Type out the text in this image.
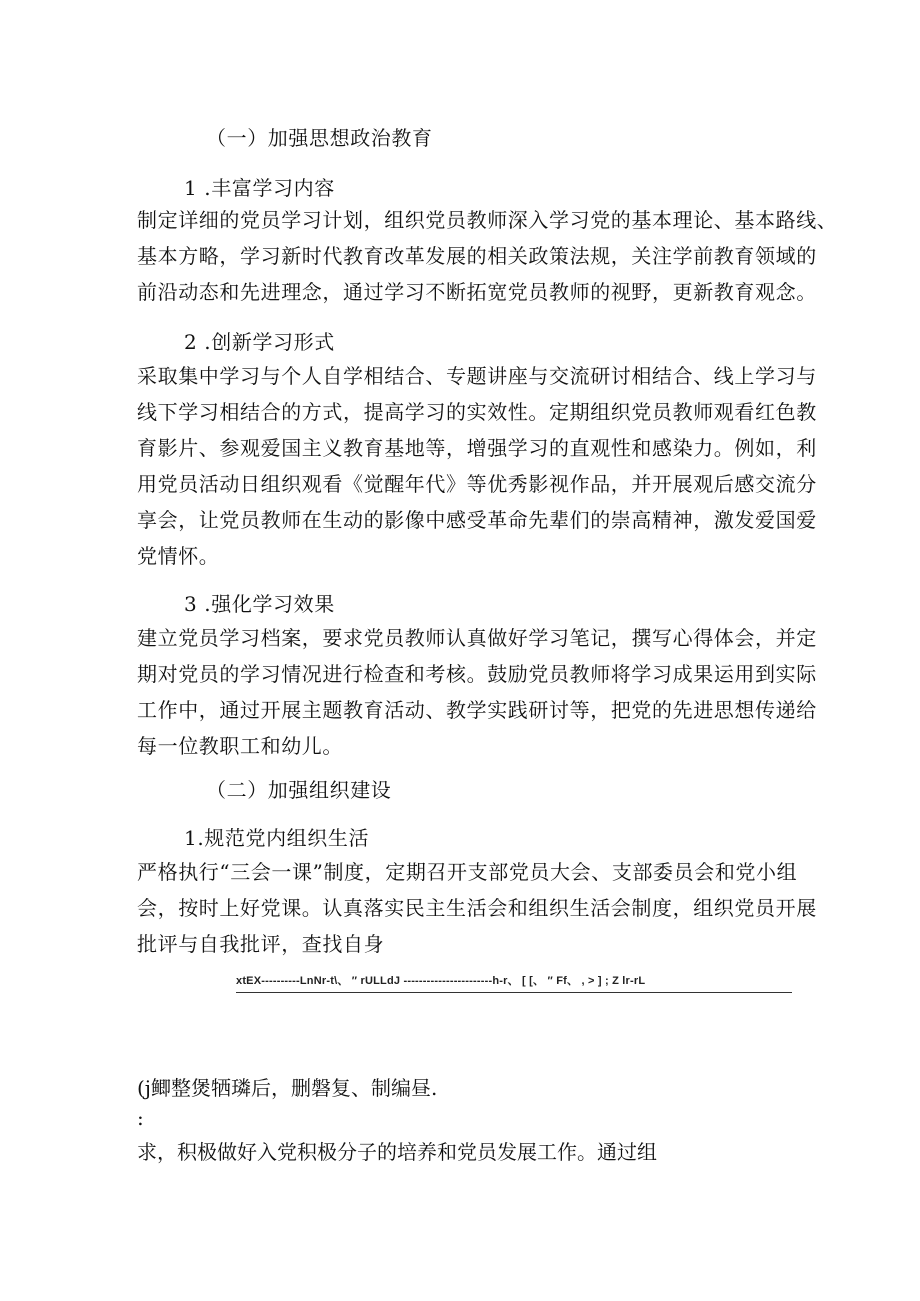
（一）加强思想政治教育
1 .丰富学习内容
制定详细的党员学习计划，组织党员教师深入学习党的基本理论、基本路线、
基本方略，学习新时代教育改革发展的相关政策法规，关注学前教育领域的
前沿动态和先进理念，通过学习不断拓宽党员教师的视野，更新教育观念。
2 .创新学习形式
采取集中学习与个人自学相结合、专题讲座与交流研讨相结合、线上学习与
线下学习相结合的方式，提高学习的实效性。定期组织党员教师观看红色教
育影片、参观爱国主义教育基地等，增强学习的直观性和感染力。例如，利
用党员活动日组织观看《觉醒年代》等优秀影视作品，并开展观后感交流分
享会，让党员教师在生动的影像中感受革命先辈们的崇高精神，激发爱国爱
党情怀。
3 .强化学习效果
建立党员学习档案，要求党员教师认真做好学习笔记，撰写心得体会，并定
期对党员的学习情况进行检查和考核。鼓励党员教师将学习成果运用到实际
工作中，通过开展主题教育活动、教学实践研讨等，把党的先进思想传递给
每一位教职工和幼儿。
（二）加强组织建设
1.规范党内组织生活
严格执行“三会一课”制度，定期召开支部党员大会、支部委员会和党小组
会，按时上好党课。认真落实民主生活会和组织生活会制度，组织党员开展
批评与自我批评，查找自身
xtEX----------LnNr-t\、 ″ rULLdJ -----------------------h-r、 [ [、 ″ Ff、 , > ] ; Z lr-rL
(j鲫整煲牺璘后，删磐复、制编昼.
:
求，积极做好入党积极分子的培养和党员发展工作。通过组
